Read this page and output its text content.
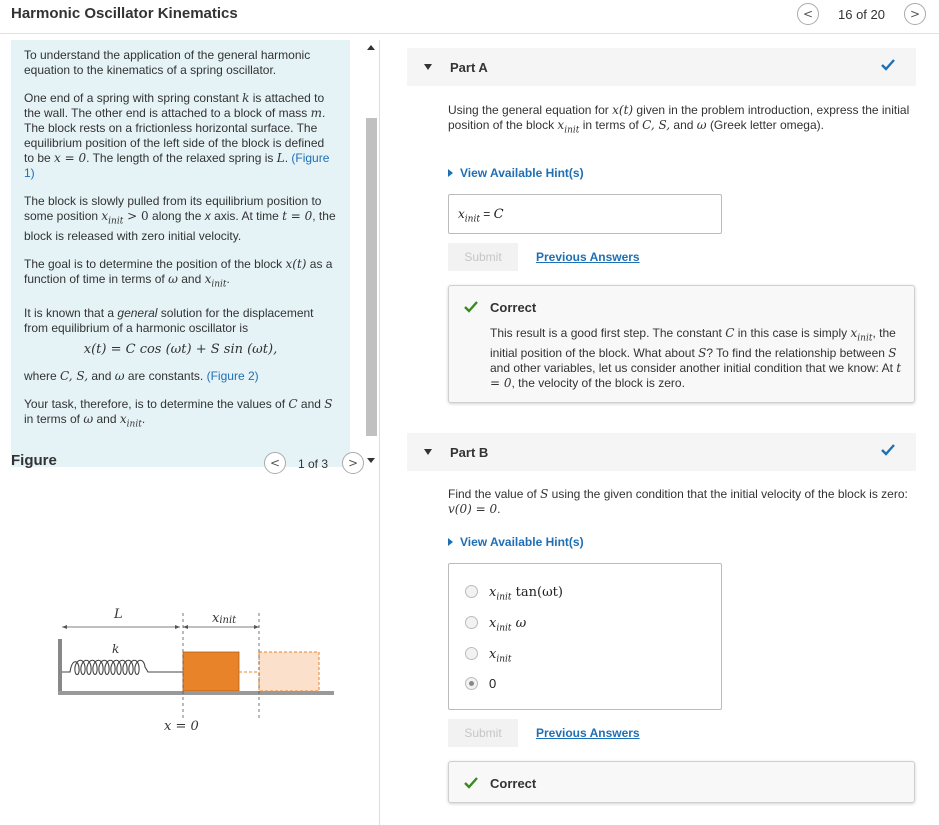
Harmonic Oscillator Kinematics	<	16 of 20	>

To understand the application of the general harmonic equation to the kinematics of a spring oscillator.

One end of a spring with spring constant k is attached to the wall. The other end is attached to a block of mass m. The block rests on a frictionless horizontal surface. The equilibrium position of the left side of the block is defined to be x = 0. The length of the relaxed spring is L. (Figure 1)

The block is slowly pulled from its equilibrium position to some position $x_{init} > 0$ along the x axis. At time t = 0, the block is released with zero initial velocity.

The goal is to determine the position of the block x(t) as a function of time in terms of ω and $x_{init}$.

It is known that a general solution for the displacement from equilibrium of a harmonic oscillator is

x(t) = C cos (ωt) + S sin (ωt),

where C, S, and ω are constants. (Figure 2)

Your task, therefore, is to determine the values of C and S in terms of ω and $x_{init}$.

Figure	<	1 of 3	>
L	xinit
k
x = 0
Part A
Using the general equation for x(t) given in the problem introduction, express the initial position of the block $x_{init}$ in terms of C, S, and ω (Greek letter omega).
View Available Hint(s)
$x_{init} = C$
Submit	Previous Answers
Correct
This result is a good first step. The constant C in this case is simply $x_{init}$, the initial position of the block. What about S? To find the relationship between S and other variables, let us consider another initial condition that we know: At t = 0, the velocity of the block is zero.
Part B
Find the value of S using the given condition that the initial velocity of the block is zero: v(0) = 0.
View Available Hint(s)
$x_{init}$ tan(ωt)
$x_{init}$ ω
$x_{init}$
0
Submit	Previous Answers
Correct
